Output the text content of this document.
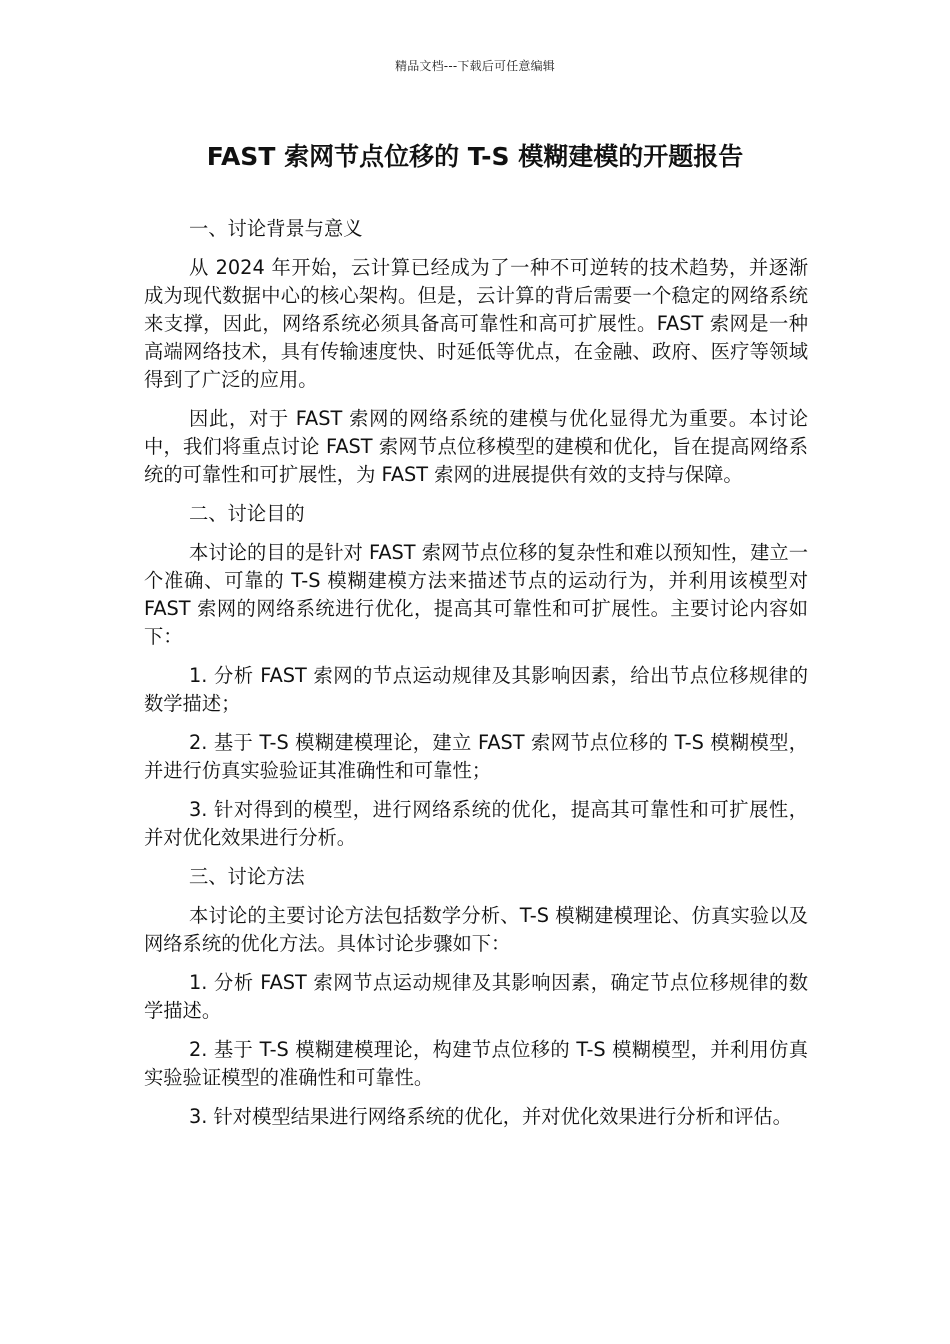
精品文档---下载后可任意编辑
FAST 索网节点位移的 T-S 模糊建模的开题报告

一、讨论背景与意义

从 2024 年开始，云计算已经成为了一种不可逆转的技术趋势，并逐渐成为现代数据中心的核心架构。但是，云计算的背后需要一个稳定的网络系统来支撑，因此，网络系统必须具备高可靠性和高可扩展性。FAST 索网是一种高端网络技术，具有传输速度快、时延低等优点，在金融、政府、医疗等领域得到了广泛的应用。

因此，对于 FAST 索网的网络系统的建模与优化显得尤为重要。本讨论中，我们将重点讨论 FAST 索网节点位移模型的建模和优化，旨在提高网络系统的可靠性和可扩展性，为 FAST 索网的进展提供有效的支持与保障。

二、讨论目的

本讨论的目的是针对 FAST 索网节点位移的复杂性和难以预知性，建立一个准确、可靠的 T-S 模糊建模方法来描述节点的运动行为，并利用该模型对 FAST 索网的网络系统进行优化，提高其可靠性和可扩展性。主要讨论内容如下：

1. 分析 FAST 索网的节点运动规律及其影响因素，给出节点位移规律的数学描述；

2. 基于 T-S 模糊建模理论，建立 FAST 索网节点位移的 T-S 模糊模型，并进行仿真实验验证其准确性和可靠性；

3. 针对得到的模型，进行网络系统的优化，提高其可靠性和可扩展性，并对优化效果进行分析。

三、讨论方法

本讨论的主要讨论方法包括数学分析、T-S 模糊建模理论、仿真实验以及网络系统的优化方法。具体讨论步骤如下：

1. 分析 FAST 索网节点运动规律及其影响因素，确定节点位移规律的数学描述。

2. 基于 T-S 模糊建模理论，构建节点位移的 T-S 模糊模型，并利用仿真实验验证模型的准确性和可靠性。

3. 针对模型结果进行网络系统的优化，并对优化效果进行分析和评估。
